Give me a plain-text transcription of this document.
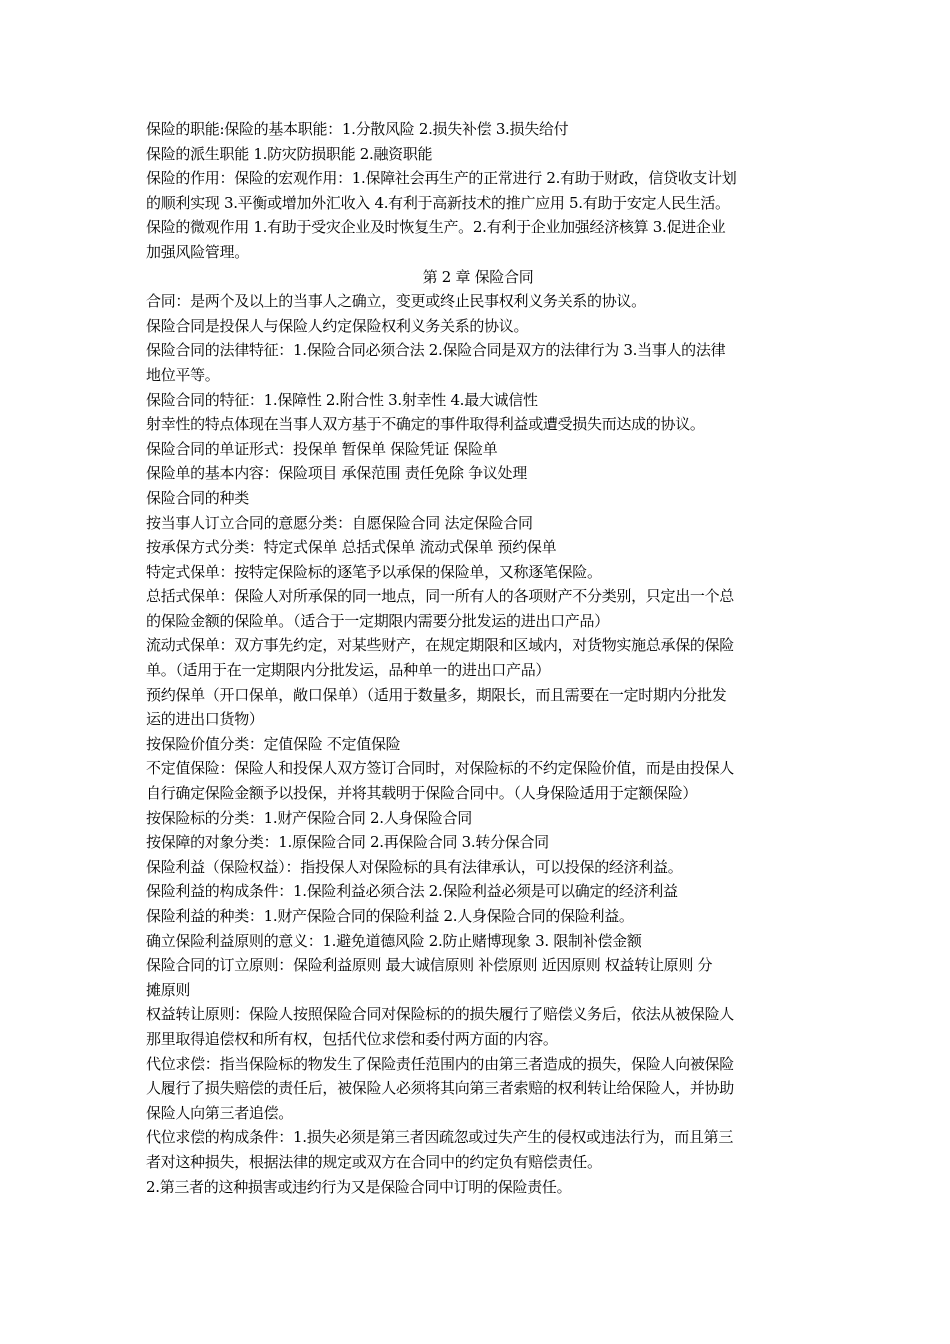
保险的职能:保险的基本职能：1.分散风险 2.损失补偿 3.损失给付
保险的派生职能 1.防灾防损职能 2.融资职能
保险的作用：保险的宏观作用：1.保障社会再生产的正常进行 2.有助于财政，信贷收支计划
的顺利实现 3.平衡或增加外汇收入 4.有利于高新技术的推广应用 5.有助于安定人民生活。
保险的微观作用 1.有助于受灾企业及时恢复生产。2.有利于企业加强经济核算 3.促进企业
加强风险管理。
第 2 章 保险合同
合同：是两个及以上的当事人之确立，变更或终止民事权利义务关系的协议。
保险合同是投保人与保险人约定保险权利义务关系的协议。
保险合同的法律特征：1.保险合同必须合法 2.保险合同是双方的法律行为 3.当事人的法律
地位平等。
保险合同的特征：1.保障性 2.附合性 3.射幸性 4.最大诚信性
射幸性的特点体现在当事人双方基于不确定的事件取得利益或遭受损失而达成的协议。
保险合同的单证形式：投保单 暂保单 保险凭证 保险单
保险单的基本内容：保险项目 承保范围 责任免除 争议处理
保险合同的种类
按当事人订立合同的意愿分类：自愿保险合同 法定保险合同
按承保方式分类：特定式保单 总括式保单 流动式保单 预约保单
特定式保单：按特定保险标的逐笔予以承保的保险单，又称逐笔保险。
总括式保单：保险人对所承保的同一地点，同一所有人的各项财产不分类别，只定出一个总
的保险金额的保险单。（适合于一定期限内需要分批发运的进出口产品）
流动式保单：双方事先约定，对某些财产，在规定期限和区域内，对货物实施总承保的保险
单。（适用于在一定期限内分批发运，品种单一的进出口产品）
预约保单（开口保单，敞口保单）（适用于数量多，期限长，而且需要在一定时期内分批发
运的进出口货物）
按保险价值分类：定值保险 不定值保险
不定值保险：保险人和投保人双方签订合同时，对保险标的不约定保险价值，而是由投保人
自行确定保险金额予以投保，并将其载明于保险合同中。（人身保险适用于定额保险）
按保险标的分类：1.财产保险合同 2.人身保险合同
按保障的对象分类：1.原保险合同 2.再保险合同 3.转分保合同
保险利益（保险权益）：指投保人对保险标的具有法律承认，可以投保的经济利益。
保险利益的构成条件：1.保险利益必须合法 2.保险利益必须是可以确定的经济利益
保险利益的种类：1.财产保险合同的保险利益 2.人身保险合同的保险利益。
确立保险利益原则的意义：1.避免道德风险 2.防止赌博现象 3. 限制补偿金额
保险合同的订立原则：保险利益原则 最大诚信原则 补偿原则 近因原则 权益转让原则 分
摊原则
权益转让原则：保险人按照保险合同对保险标的的损失履行了赔偿义务后，依法从被保险人
那里取得追偿权和所有权，包括代位求偿和委付两方面的内容。
代位求偿：指当保险标的物发生了保险责任范围内的由第三者造成的损失，保险人向被保险
人履行了损失赔偿的责任后，被保险人必须将其向第三者索赔的权利转让给保险人，并协助
保险人向第三者追偿。
代位求偿的构成条件：1.损失必须是第三者因疏忽或过失产生的侵权或违法行为，而且第三
者对这种损失，根据法律的规定或双方在合同中的约定负有赔偿责任。
2.第三者的这种损害或违约行为又是保险合同中订明的保险责任。
